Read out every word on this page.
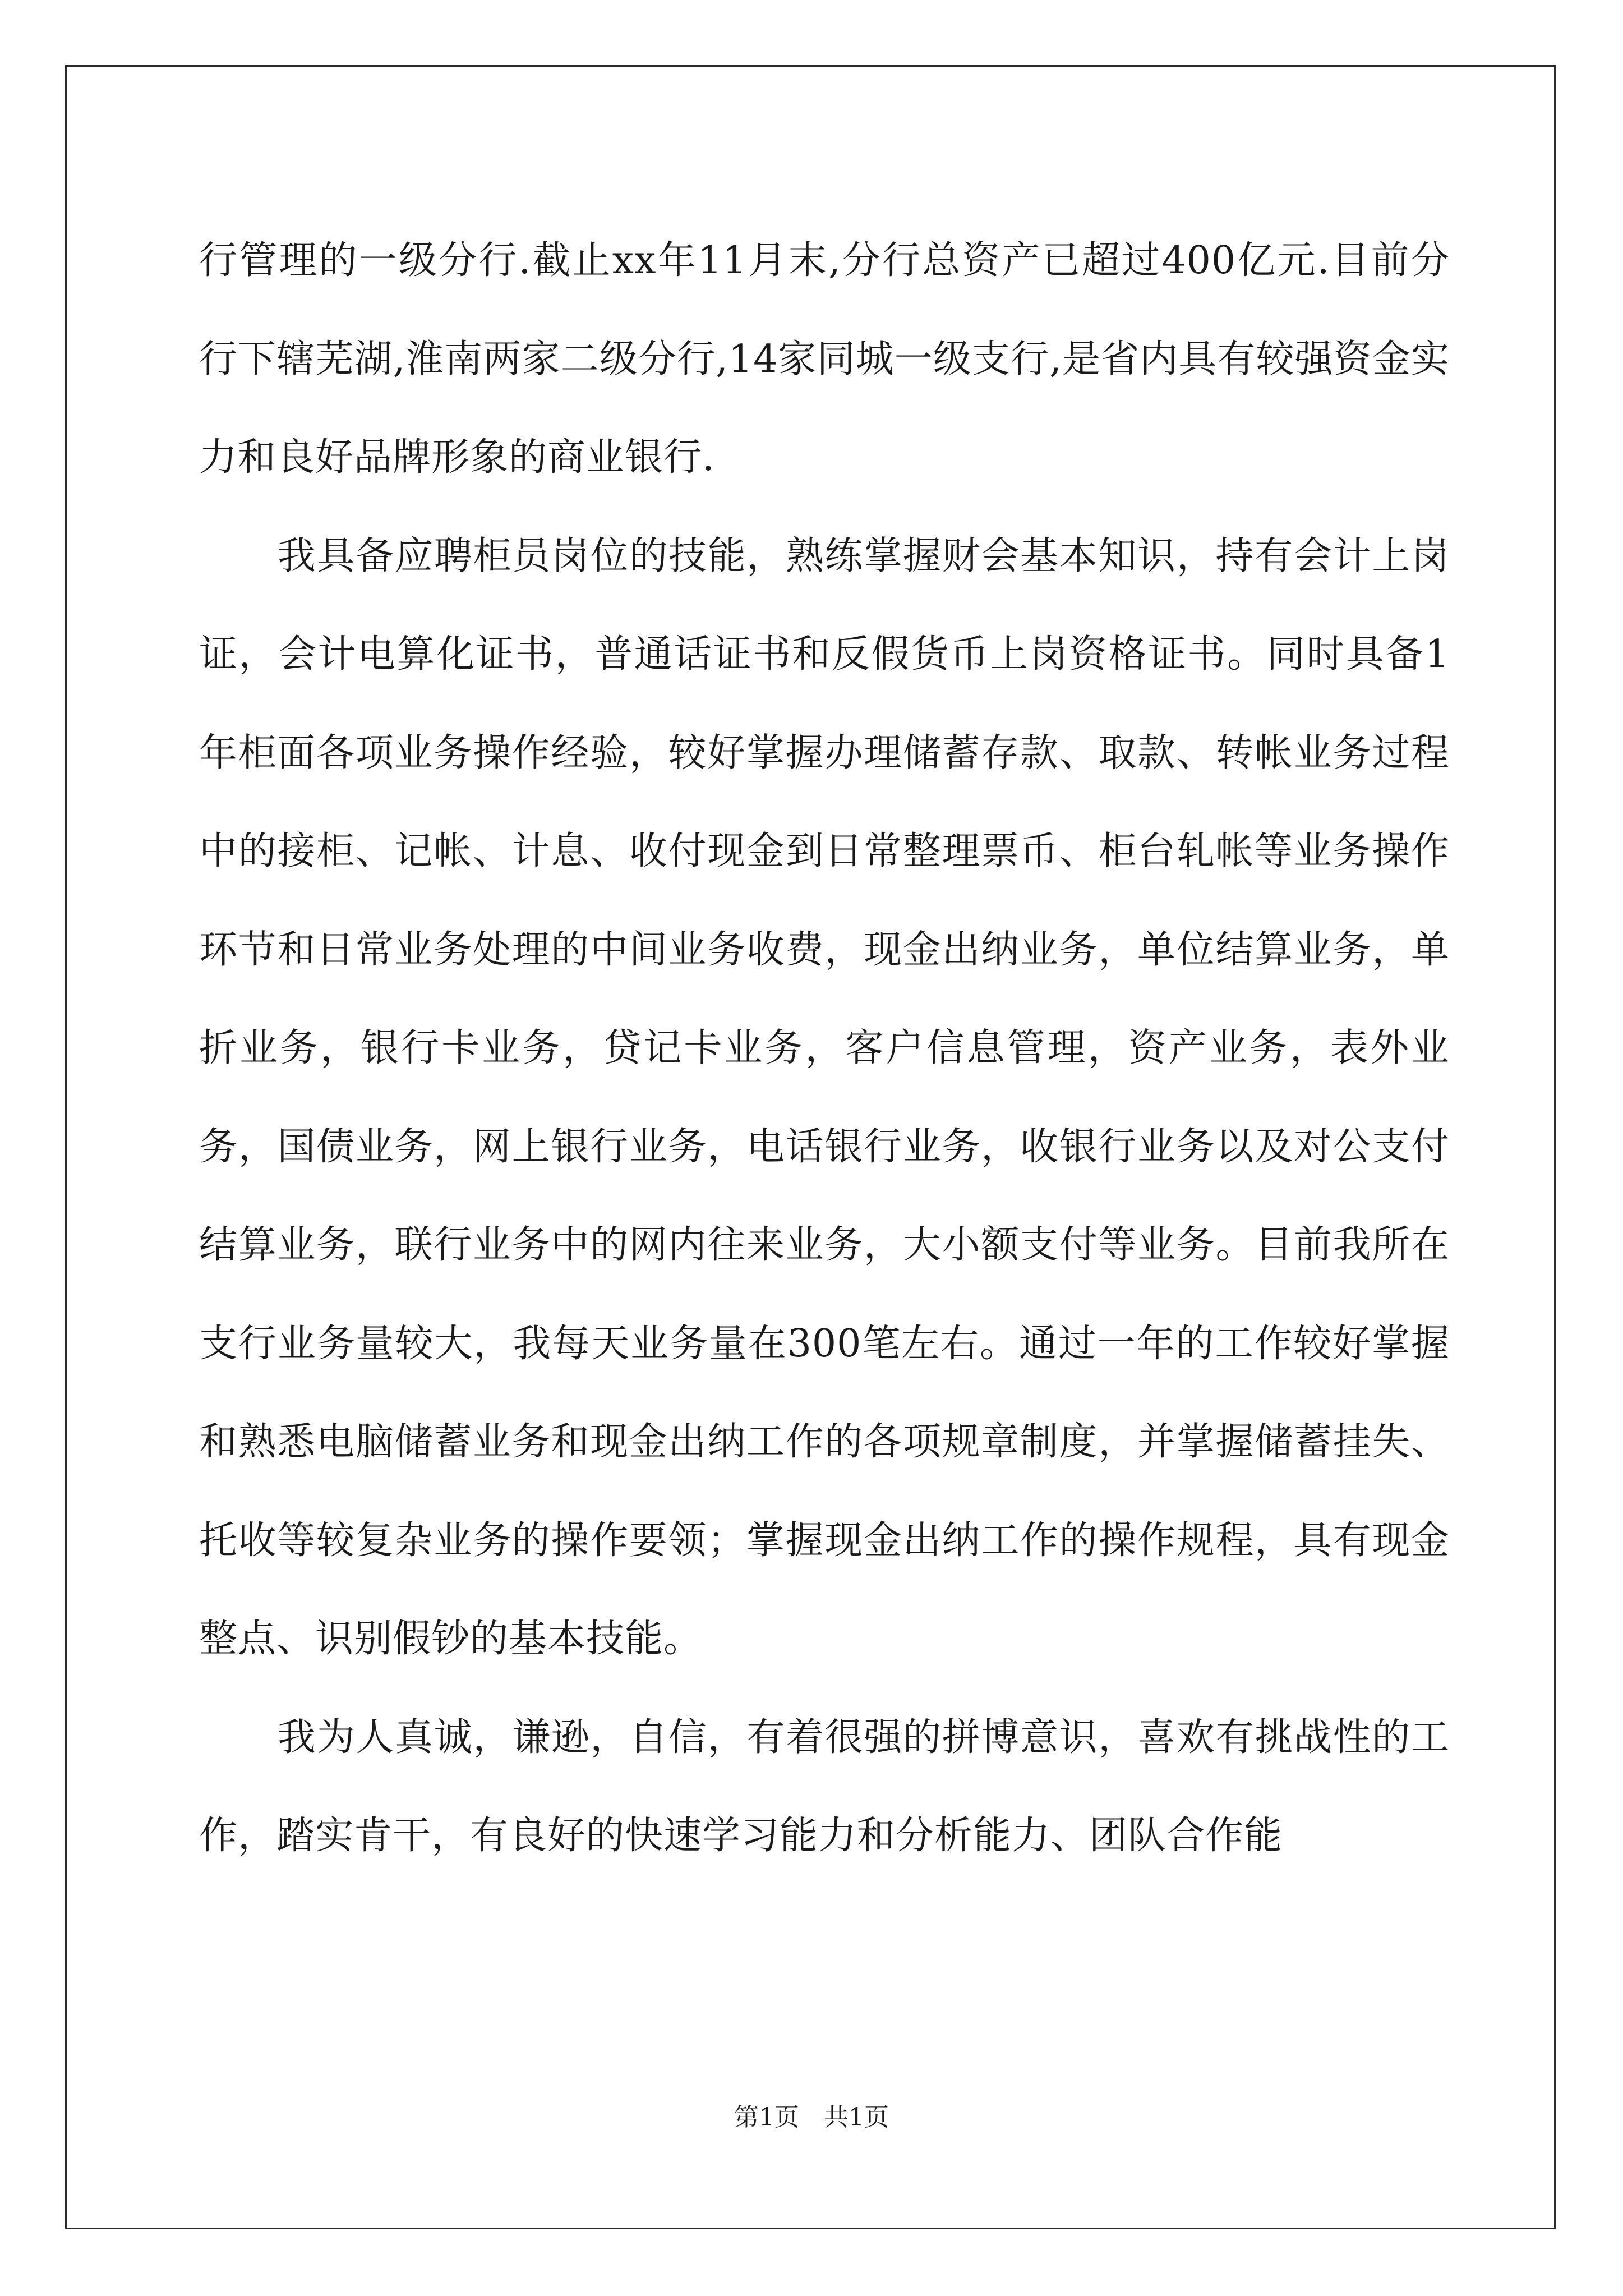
行管理的一级分行.截止xx年11月末,分行总资产已超过400亿元.目前分行下辖芜湖,淮南两家二级分行,14家同城一级支行,是省内具有较强资金实力和良好品牌形象的商业银行.

我具备应聘柜员岗位的技能，熟练掌握财会基本知识，持有会计上岗证，会计电算化证书，普通话证书和反假货币上岗资格证书。同时具备1年柜面各项业务操作经验，较好掌握办理储蓄存款、取款、转帐业务过程中的接柜、记帐、计息、收付现金到日常整理票币、柜台轧帐等业务操作环节和日常业务处理的中间业务收费，现金出纳业务，单位结算业务，单折业务，银行卡业务，贷记卡业务，客户信息管理，资产业务，表外业务，国债业务，网上银行业务，电话银行业务，收银行业务以及对公支付结算业务，联行业务中的网内往来业务，大小额支付等业务。目前我所在支行业务量较大，我每天业务量在300笔左右。通过一年的工作较好掌握和熟悉电脑储蓄业务和现金出纳工作的各项规章制度，并掌握储蓄挂失、托收等较复杂业务的操作要领；掌握现金出纳工作的操作规程，具有现金整点、识别假钞的基本技能。

我为人真诚，谦逊，自信，有着很强的拼博意识，喜欢有挑战性的工作，踏实肯干，有良好的快速学习能力和分析能力、团队合作能

第1页　共1页
